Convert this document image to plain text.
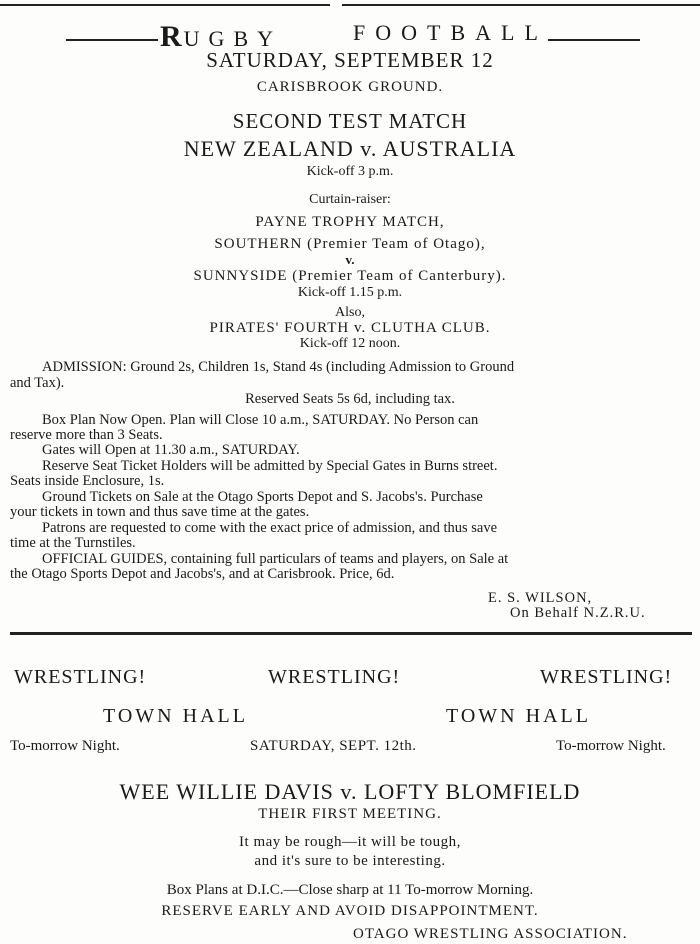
RUGBY	FOOTBALL

SATURDAY, SEPTEMBER 12

CARISBROOK GROUND.

SECOND TEST MATCH

NEW ZEALAND v. AUSTRALIA

Kick-off 3 p.m.

Curtain-raiser:

PAYNE TROPHY MATCH,

SOUTHERN (Premier Team of Otago),

v.

SUNNYSIDE (Premier Team of Canterbury).

Kick-off 1.15 p.m.

Also,

PIRATES' FOURTH v. CLUTHA CLUB.

Kick-off 12 noon.

ADMISSION: Ground 2s, Children 1s, Stand 4s (including Admission to Ground

and Tax).

Reserved Seats 5s 6d, including tax.

Box Plan Now Open. Plan will Close 10 a.m., SATURDAY. No Person can

reserve more than 3 Seats.

Gates will Open at 11.30 a.m., SATURDAY.

Reserve Seat Ticket Holders will be admitted by Special Gates in Burns street.

Seats inside Enclosure, 1s.

Ground Tickets on Sale at the Otago Sports Depot and S. Jacobs's. Purchase

your tickets in town and thus save time at the gates.

Patrons are requested to come with the exact price of admission, and thus save

time at the Turnstiles.

OFFICIAL GUIDES, containing full particulars of teams and players, on Sale at

the Otago Sports Depot and Jacobs's, and at Carisbrook. Price, 6d.

E. S. WILSON,

On Behalf N.Z.R.U.

WRESTLING!	WRESTLING!	WRESTLING!

TOWN HALL	TOWN HALL

To-morrow Night.	SATURDAY, SEPT. 12th.	To-morrow Night.

WEE WILLIE DAVIS v. LOFTY BLOMFIELD

THEIR FIRST MEETING.

It may be rough—it will be tough,

and it's sure to be interesting.

Box Plans at D.I.C.—Close sharp at 11 To-morrow Morning.

RESERVE EARLY AND AVOID DISAPPOINTMENT.

OTAGO WRESTLING ASSOCIATION.
